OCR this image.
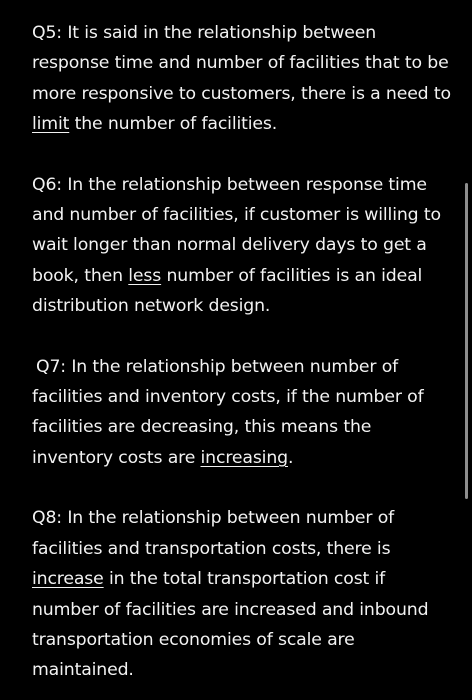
Q5: It is said in the relationship between response time and number of facilities that to be more responsive to customers, there is a need to limit the number of facilities.

Q6: In the relationship between response time and number of facilities, if customer is willing to wait longer than normal delivery days to get a book, then less number of facilities is an ideal distribution network design.

Q7: In the relationship between number of facilities and inventory costs, if the number of facilities are decreasing, this means the inventory costs are increasing.

Q8: In the relationship between number of facilities and transportation costs, there is increase in the total transportation cost if number of facilities are increased and inbound transportation economies of scale are maintained.
